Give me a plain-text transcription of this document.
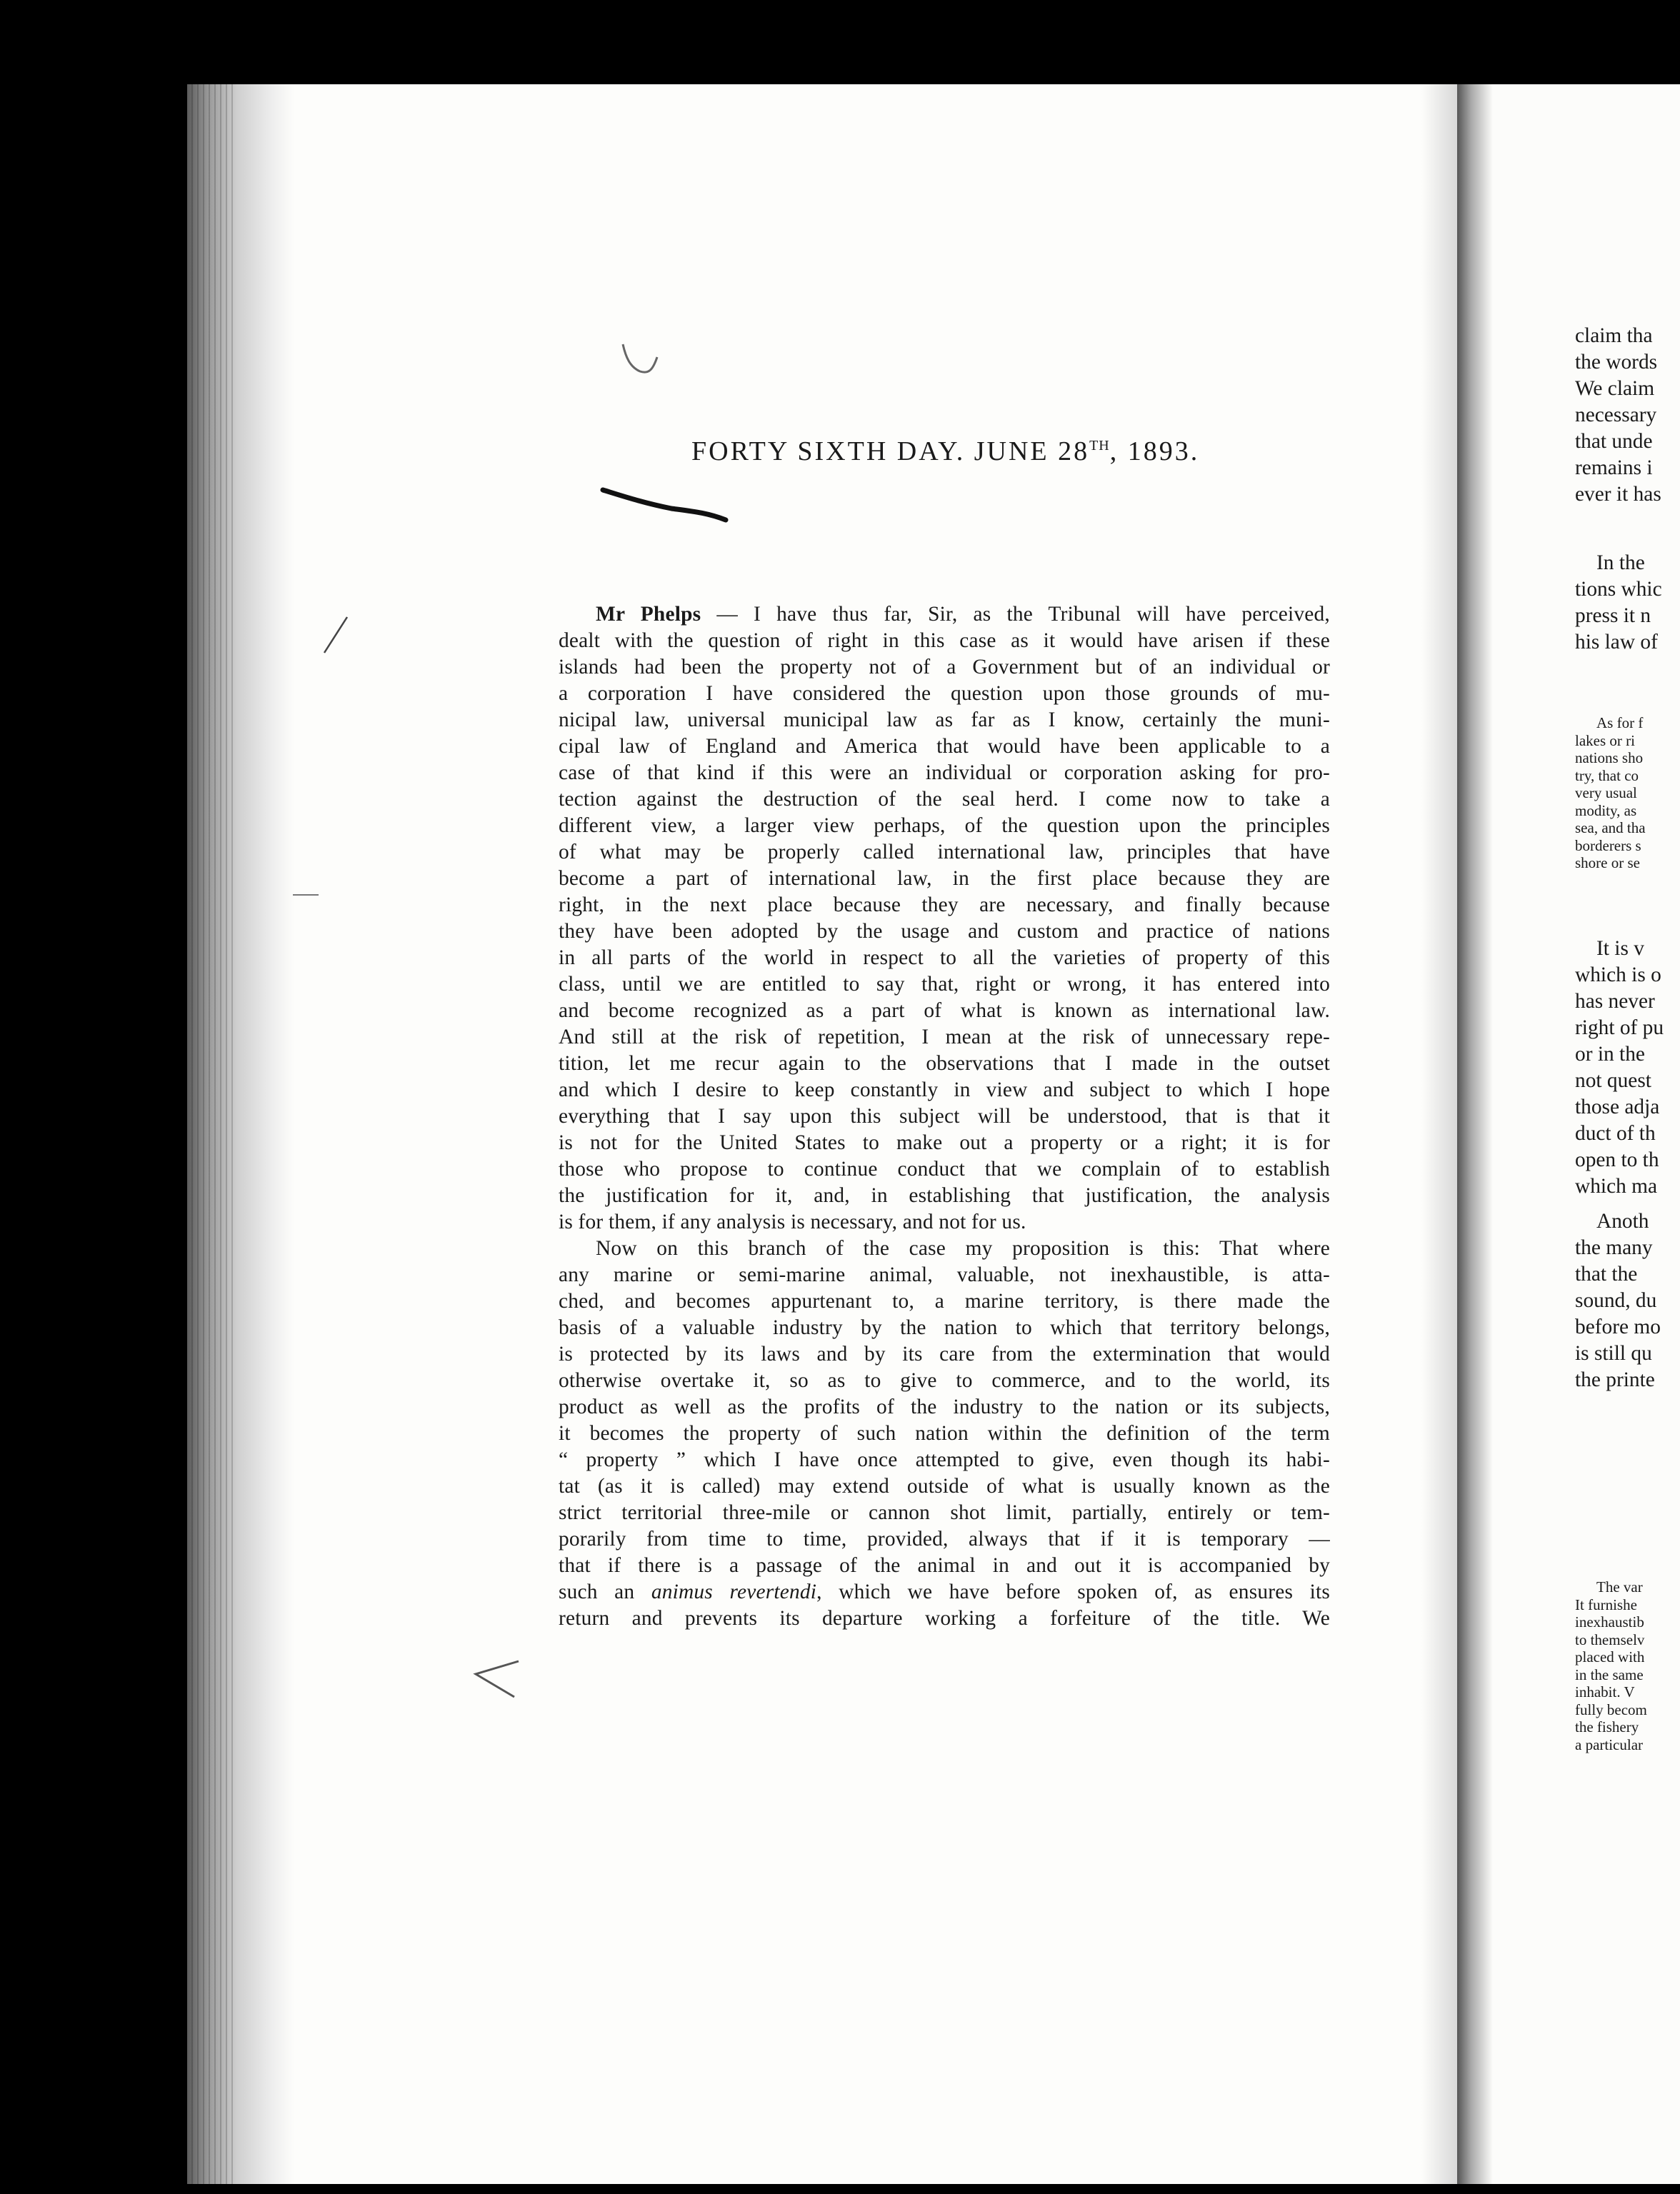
FORTY SIXTH DAY. JUNE 28TH, 1893.
Mr Phelps — I have thus far, Sir, as the Tribunal will have perceived,
dealt with the question of right in this case as it would have arisen if these
islands had been the property not of a Government but of an individual or
a corporation I have considered the question upon those grounds of mu-
nicipal law, universal municipal law as far as I know, certainly the muni-
cipal law of England and America that would have been applicable to a
case of that kind if this were an individual or corporation asking for pro-
tection against the destruction of the seal herd. I come now to take a
different view, a larger view perhaps, of the question upon the principles
of what may be properly called international law, principles that have
become a part of international law, in the first place because they are
right, in the next place because they are necessary, and finally because
they have been adopted by the usage and custom and practice of nations
in all parts of the world in respect to all the varieties of property of this
class, until we are entitled to say that, right or wrong, it has entered into
and become recognized as a part of what is known as international law.
And still at the risk of repetition, I mean at the risk of unnecessary repe-
tition, let me recur again to the observations that I made in the outset
and which I desire to keep constantly in view and subject to which I hope
everything that I say upon this subject will be understood, that is that it
is not for the United States to make out a property or a right; it is for
those who propose to continue conduct that we complain of to establish
the justification for it, and, in establishing that justification, the analysis
is for them, if any analysis is necessary, and not for us.
Now on this branch of the case my proposition is this: That where
any marine or semi-marine animal, valuable, not inexhaustible, is atta-
ched, and becomes appurtenant to, a marine territory, is there made the
basis of a valuable industry by the nation to which that territory belongs,
is protected by its laws and by its care from the extermination that would
otherwise overtake it, so as to give to commerce, and to the world, its
product as well as the profits of the industry to the nation or its subjects,
it becomes the property of such nation within the definition of the term
“ property ” which I have once attempted to give, even though its habi-
tat (as it is called) may extend outside of what is usually known as the
strict territorial three-mile or cannon shot limit, partially, entirely or tem-
porarily from time to time, provided, always that if it is temporary —
that if there is a passage of the animal in and out it is accompanied by
such an animus revertendi, which we have before spoken of, as ensures its
return and prevents its departure working a forfeiture of the title. We
claim tha
the words
We claim
necessary
that unde
remains i
ever it has
In the
tions whic
press it n
his law of
As for f
lakes or ri
nations sho
try, that co
very usual
modity, as
sea, and tha
borderers s
shore or se
It is v
which is o
has never
right of pu
or in the
not quest
those adja
duct of th
open to th
which ma
Anoth
the many
that the
sound, du
before mo
is still qu
the printe
The var
It furnishe
inexhaustib
to themselv
placed with
in the same
inhabit. V
fully becom
the fishery
a particular
